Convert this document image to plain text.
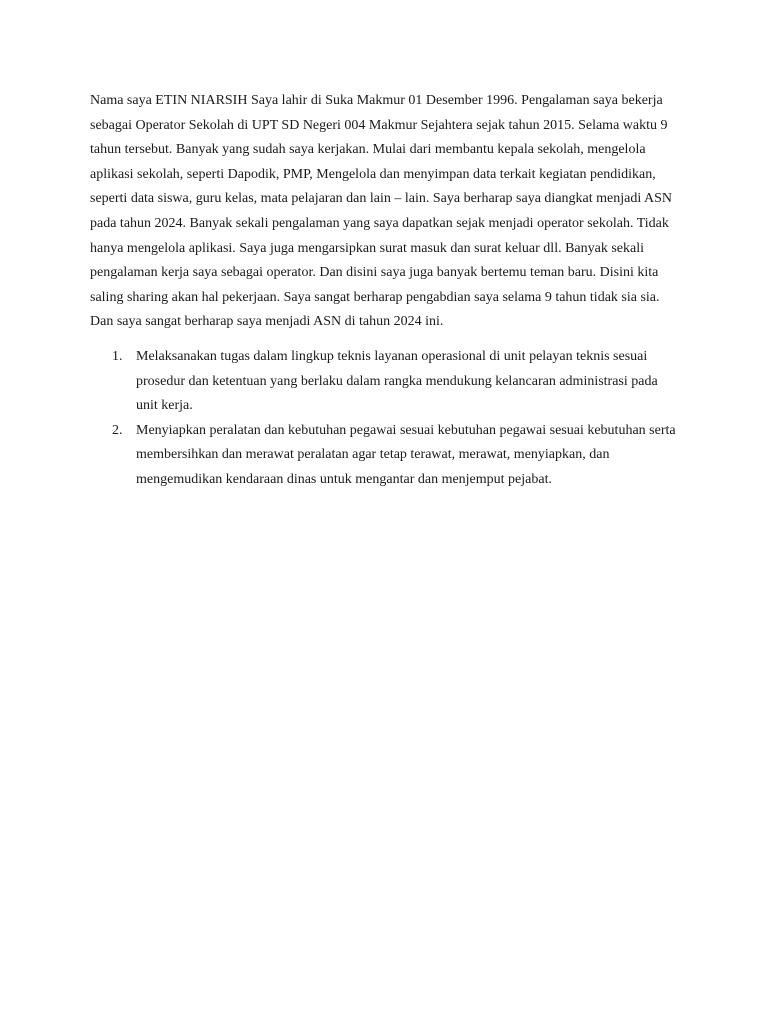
Nama saya ETIN NIARSIH Saya lahir di Suka Makmur 01 Desember 1996. Pengalaman saya bekerja sebagai Operator Sekolah di UPT SD Negeri 004 Makmur Sejahtera sejak tahun 2015. Selama waktu 9 tahun tersebut. Banyak yang sudah saya kerjakan. Mulai dari membantu kepala sekolah, mengelola aplikasi sekolah, seperti Dapodik, PMP, Mengelola dan menyimpan data terkait kegiatan pendidikan, seperti data siswa, guru kelas, mata pelajaran dan lain – lain. Saya berharap saya diangkat menjadi ASN pada tahun 2024. Banyak sekali pengalaman yang saya dapatkan sejak menjadi operator sekolah. Tidak hanya mengelola aplikasi. Saya juga mengarsipkan surat masuk dan surat keluar dll. Banyak sekali pengalaman kerja saya sebagai operator. Dan disini saya juga banyak bertemu teman baru. Disini kita saling sharing akan hal pekerjaan. Saya sangat berharap pengabdian saya selama 9 tahun tidak sia sia. Dan saya sangat berharap saya menjadi ASN di tahun 2024 ini.

1. Melaksanakan tugas dalam lingkup teknis layanan operasional di unit pelayan teknis sesuai prosedur dan ketentuan yang berlaku dalam rangka mendukung kelancaran administrasi pada unit kerja.
2. Menyiapkan peralatan dan kebutuhan pegawai sesuai kebutuhan pegawai sesuai kebutuhan serta membersihkan dan merawat peralatan agar tetap terawat, merawat, menyiapkan, dan mengemudikan kendaraan dinas untuk mengantar dan menjemput pejabat.
